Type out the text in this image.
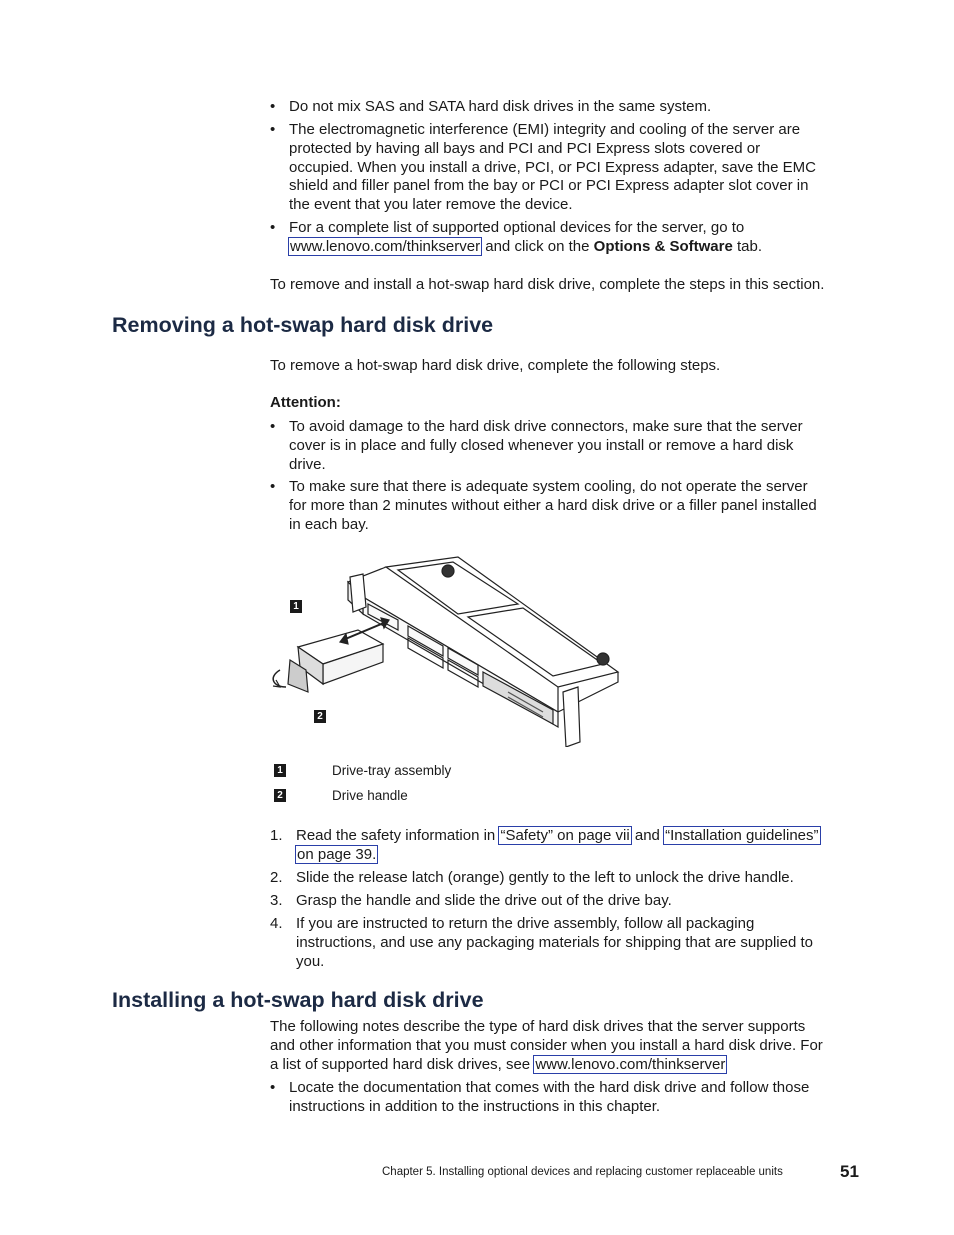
• Do not mix SAS and SATA hard disk drives in the same system.
• The electromagnetic interference (EMI) integrity and cooling of the server are
protected by having all bays and PCI and PCI Express slots covered or
occupied. When you install a drive, PCI, or PCI Express adapter, save the EMC
shield and filler panel from the bay or PCI or PCI Express adapter slot cover in
the event that you later remove the device.
• For a complete list of supported optional devices for the server, go to
www.lenovo.com/thinkserver and click on the Options & Software tab.
To remove and install a hot-swap hard disk drive, complete the steps in this section.
Removing a hot-swap hard disk drive
To remove a hot-swap hard disk drive, complete the following steps.
Attention:
• To avoid damage to the hard disk drive connectors, make sure that the server
cover is in place and fully closed whenever you install or remove a hard disk
drive.
• To make sure that there is adequate system cooling, do not operate the server
for more than 2 minutes without either a hard disk drive or a filler panel installed
in each bay.
1
2
1	Drive-tray assembly
2	Drive handle
1. Read the safety information in “Safety” on page vii and “Installation guidelines”
on page 39.
2. Slide the release latch (orange) gently to the left to unlock the drive handle.
3. Grasp the handle and slide the drive out of the drive bay.
4. If you are instructed to return the drive assembly, follow all packaging
instructions, and use any packaging materials for shipping that are supplied to
you.
Installing a hot-swap hard disk drive
The following notes describe the type of hard disk drives that the server supports
and other information that you must consider when you install a hard disk drive. For
a list of supported hard disk drives, see www.lenovo.com/thinkserver
• Locate the documentation that comes with the hard disk drive and follow those
instructions in addition to the instructions in this chapter.
Chapter 5. Installing optional devices and replacing customer replaceable units	51
